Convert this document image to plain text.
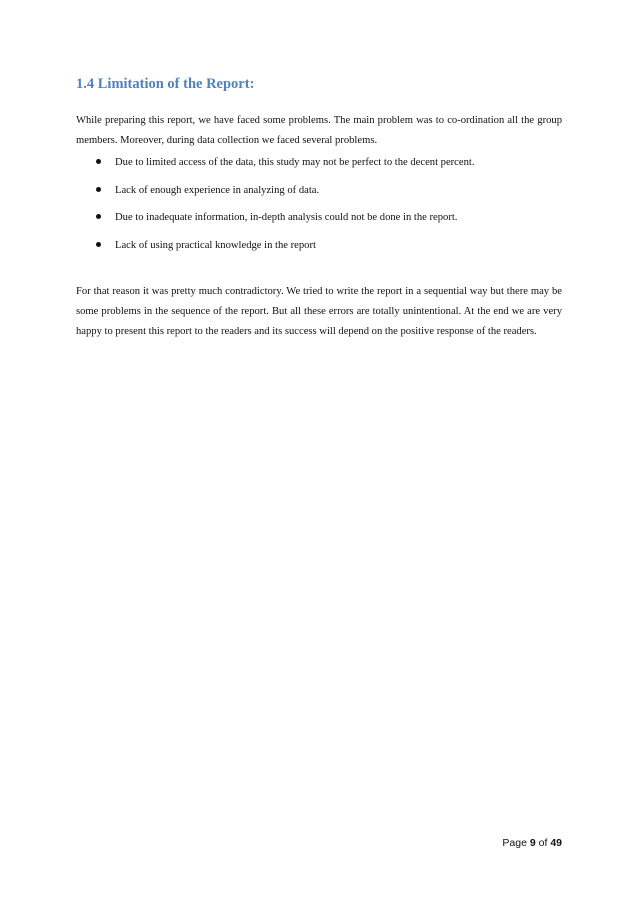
1.4 Limitation of the Report:

While preparing this report, we have faced some problems. The main problem was to co-ordination all the group members. Moreover, during data collection we faced several problems.

Due to limited access of the data, this study may not be perfect to the decent percent.
Lack of enough experience in analyzing of data.
Due to inadequate information, in-depth analysis could not be done in the report.
Lack of using practical knowledge in the report

For that reason it was pretty much contradictory. We tried to write the report in a sequential way but there may be some problems in the sequence of the report. But all these errors are totally unintentional. At the end we are very happy to present this report to the readers and its success will depend on the positive response of the readers.

Page 9 of 49
